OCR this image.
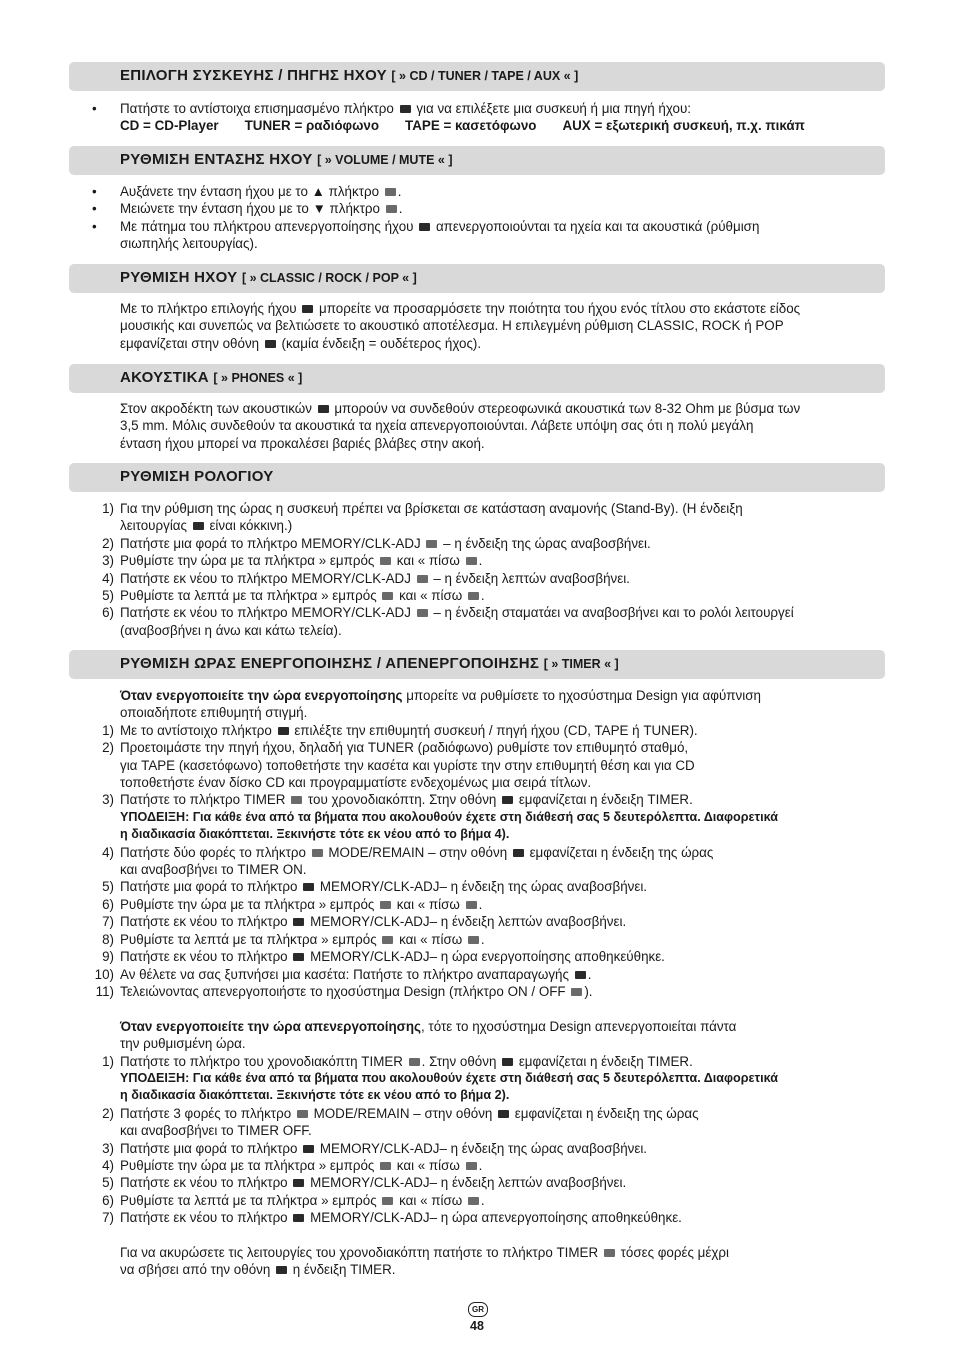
ΕΠΙΛΟΓΗ ΣΥΣΚΕΥΗΣ / ΠΗΓΗΣ ΗΧΟΥ [ » CD / TUNER / TAPE / AUX « ]
• Πατήστε το αντίστοιχα επισημασμένο πλήκτρο  για να επιλέξετε μια συσκευή ή μια πηγή ήχου:
CD = CD-Player TUNER = ραδιόφωνο TAPE = κασετόφωνο AUX = εξωτερική συσκευή, π.χ. πικάπ
ΡΥΘΜΙΣΗ ΕΝΤΑΣΗΣ ΗΧΟΥ [ » VOLUME / MUTE « ]
•
•
•
Αυξάνετε την ένταση ήχου με το ▲ πλήκτρο .
Μειώνετε την ένταση ήχου με το ▼ πλήκτρο .
Με πάτημα του πλήκτρου απενεργοποίησης ήχου  απενεργοποιούνται τα ηχεία και τα ακουστικά (ρύθμιση
σιωπηλής λειτουργίας).
ΡΥΘΜΙΣΗ ΗΧΟΥ [ » CLASSIC / ROCK / POP « ]
Με το πλήκτρο επιλογής ήχου  μπορείτε να προσαρμόσετε την ποιότητα του ήχου ενός τίτλου στο εκάστοτε είδος
μουσικής και συνεπώς να βελτιώσετε το ακουστικό αποτέλεσμα. Η επιλεγμένη ρύθμιση CLASSIC, ROCK ή POP
εμφανίζεται στην οθόνη  (καμία ένδειξη = ουδέτερος ήχος).
ΑΚΟΥΣΤΙΚΑ [ » PHONES « ]
Στον ακροδέκτη των ακουστικών  μπορούν να συνδεθούν στερεοφωνικά ακουστικά των 8-32 Ohm με βύσμα των
3,5 mm. Μόλις συνδεθούν τα ακουστικά τα ηχεία απενεργοποιούνται. Λάβετε υπόψη σας ότι η πολύ μεγάλη
ένταση ήχου μπορεί να προκαλέσει βαριές βλάβες στην ακοή.
ΡΥΘΜΙΣΗ ΡΟΛΟΓΙΟΥ
1) Για την ρύθμιση της ώρας η συσκευή πρέπει να βρίσκεται σε κατάσταση αναμονής (Stand-By). (Η ένδειξη
λειτουργίας  είναι κόκκινη.)
2) Πατήστε μια φορά το πλήκτρο MEMORY/CLK-ADJ  – η ένδειξη της ώρας αναβοσβήνει.
3) Ρυθμίστε την ώρα με τα πλήκτρα » εμπρός  και « πίσω .
4) Πατήστε εκ νέου το πλήκτρο MEMORY/CLK-ADJ  – η ένδειξη λεπτών αναβοσβήνει.
5) Ρυθμίστε τα λεπτά με τα πλήκτρα » εμπρός  και « πίσω .
6) Πατήστε εκ νέου το πλήκτρο MEMORY/CLK-ADJ  – η ένδειξη σταματάει να αναβοσβήνει και το ρολόι λειτουργεί
(αναβοσβήνει η άνω και κάτω τελεία).
ΡΥΘΜΙΣΗ ΩΡΑΣ ΕΝΕΡΓΟΠΟΙΗΣΗΣ / ΑΠΕΝΕΡΓΟΠΟΙΗΣΗΣ [ » TIMER « ]
Όταν ενεργοποιείτε την ώρα ενεργοποίησης μπορείτε να ρυθμίσετε το ηχοσύστημα Design για αφύπνιση
οποιαδήποτε επιθυμητή στιγμή.
1) Με το αντίστοιχο πλήκτρο  επιλέξτε την επιθυμητή συσκευή / πηγή ήχου (CD, TAPE ή TUNER).
2) Προετοιμάστε την πηγή ήχου, δηλαδή για TUNER (ραδιόφωνο) ρυθμίστε τον επιθυμητό σταθμό,
για TAPE (κασετόφωνο) τοποθετήστε την κασέτα και γυρίστε την στην επιθυμητή θέση και για CD
τοποθετήστε έναν δίσκο CD και προγραμματίστε ενδεχομένως μια σειρά τίτλων.
3) Πατήστε το πλήκτρο TIMER  του χρονοδιακόπτη. Στην οθόνη  εμφανίζεται η ένδειξη TIMER.
ΥΠΟΔΕΙΞΗ: Για κάθε ένα από τα βήματα που ακολουθούν έχετε στη διάθεσή σας 5 δευτερόλεπτα. Διαφορετικά
η διαδικασία διακόπτεται. Ξεκινήστε τότε εκ νέου από το βήμα 4).
4) Πατήστε δύο φορές το πλήκτρο  MODE/REMAIN – στην οθόνη  εμφανίζεται η ένδειξη της ώρας
και αναβοσβήνει το TIMER ON.
5) Πατήστε μια φορά το πλήκτρο  MEMORY/CLK-ADJ– η ένδειξη της ώρας αναβοσβήνει.
6) Ρυθμίστε την ώρα με τα πλήκτρα » εμπρός  και « πίσω .
7) Πατήστε εκ νέου το πλήκτρο  MEMORY/CLK-ADJ– η ένδειξη λεπτών αναβοσβήνει.
8) Ρυθμίστε τα λεπτά με τα πλήκτρα » εμπρός  και « πίσω .
9) Πατήστε εκ νέου το πλήκτρο  MEMORY/CLK-ADJ– η ώρα ενεργοποίησης αποθηκεύθηκε.
10) Αν θέλετε να σας ξυπνήσει μια κασέτα: Πατήστε το πλήκτρο αναπαραγωγής .
11) Τελειώνοντας απενεργοποιήστε το ηχοσύστημα Design (πλήκτρο ON / OFF ).

Όταν ενεργοποιείτε την ώρα απενεργοποίησης, τότε το ηχοσύστημα Design απενεργοποιείται πάντα
την ρυθμισμένη ώρα.
1) Πατήστε το πλήκτρο του χρονοδιακόπτη TIMER . Στην οθόνη  εμφανίζεται η ένδειξη TIMER.
ΥΠΟΔΕΙΞΗ: Για κάθε ένα από τα βήματα που ακολουθούν έχετε στη διάθεσή σας 5 δευτερόλεπτα. Διαφορετικά
η διαδικασία διακόπτεται. Ξεκινήστε τότε εκ νέου από το βήμα 2).
2) Πατήστε 3 φορές το πλήκτρο  MODE/REMAIN – στην οθόνη  εμφανίζεται η ένδειξη της ώρας
και αναβοσβήνει το TIMER OFF.
3) Πατήστε μια φορά το πλήκτρο  MEMORY/CLK-ADJ– η ένδειξη της ώρας αναβοσβήνει.
4) Ρυθμίστε την ώρα με τα πλήκτρα » εμπρός  και « πίσω .
5) Πατήστε εκ νέου το πλήκτρο  MEMORY/CLK-ADJ– η ένδειξη λεπτών αναβοσβήνει.
6) Ρυθμίστε τα λεπτά με τα πλήκτρα » εμπρός  και « πίσω .
7) Πατήστε εκ νέου το πλήκτρο  MEMORY/CLK-ADJ– η ώρα απενεργοποίησης αποθηκεύθηκε.

Για να ακυρώσετε τις λειτουργίες του χρονοδιακόπτη πατήστε το πλήκτρο TIMER  τόσες φορές μέχρι
να σβήσει από την οθόνη  η ένδειξη TIMER.
GR
48
